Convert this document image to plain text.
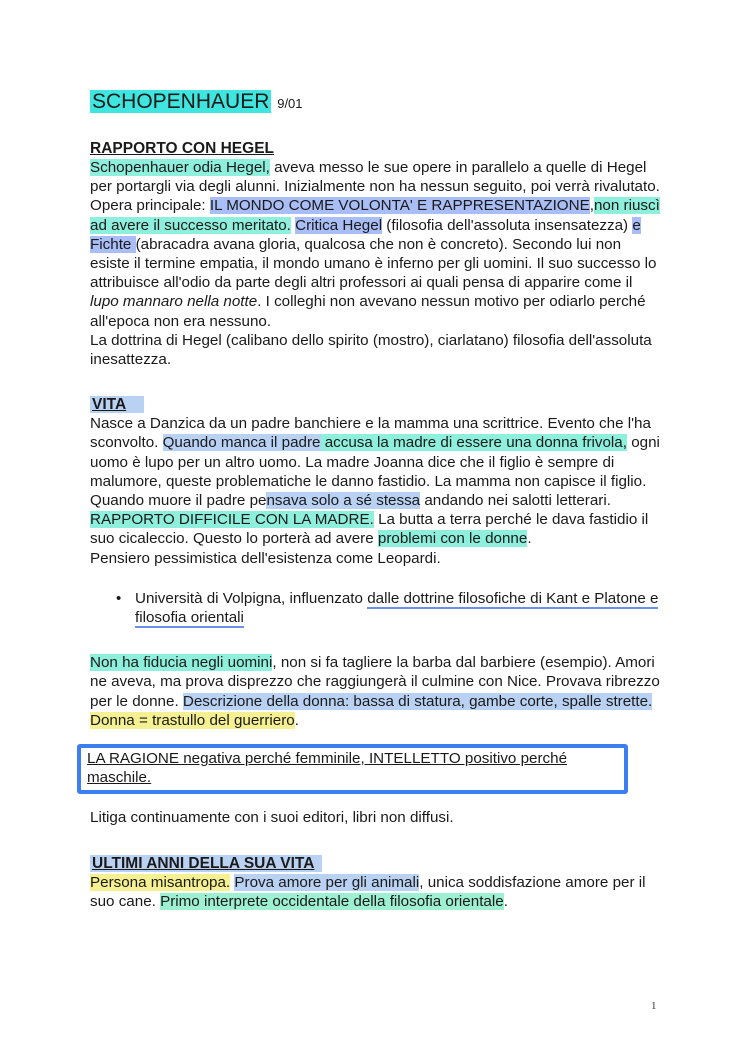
SCHOPENHAUER 9/01
RAPPORTO CON HEGEL

Schopenhauer odia Hegel, aveva messo le sue opere in parallelo a quelle di Hegel per portargli via degli alunni. Inizialmente non ha nessun seguito, poi verrà rivalutato.

Opera principale: IL MONDO COME VOLONTA' E RAPPRESENTAZIONE,non riuscì ad avere il successo meritato. Critica Hegel (filosofia dell'assoluta insensatezza) e Fichte (abracadra avana gloria, qualcosa che non è concreto). Secondo lui non esiste il termine empatia, il mondo umano è inferno per gli uomini. Il suo successo lo attribuisce all'odio da parte degli altri professori ai quali pensa di apparire come il lupo mannaro nella notte. I colleghi non avevano nessun motivo per odiarlo perché all'epoca non era nessuno.

La dottrina di Hegel (calibano dello spirito (mostro), ciarlatano) filosofia dell'assoluta inesattezza.

VITA

Nasce a Danzica da un padre banchiere e la mamma una scrittrice. Evento che l'ha sconvolto. Quando manca il padre accusa la madre di essere una donna frivola, ogni uomo è lupo per un altro uomo. La madre Joanna dice che il figlio è sempre di malumore, queste problematiche le danno fastidio. La mamma non capisce il figlio.

Quando muore il padre pensava solo a sé stessa andando nei salotti letterari.
RAPPORTO DIFFICILE CON LA MADRE. La butta a terra perché le dava fastidio il suo cicaleccio. Questo lo porterà ad avere problemi con le donne.

Pensiero pessimistica dell'esistenza come Leopardi.

• Università di Volpigna, influenzato dalle dottrine filosofiche di Kant e Platone e filosofia orientali

Non ha fiducia negli uomini, non si fa tagliere la barba dal barbiere (esempio). Amori ne aveva, ma prova disprezzo che raggiungerà il culmine con Nice. Provava ribrezzo per le donne. Descrizione della donna: bassa di statura, gambe corte, spalle strette. Donna = trastullo del guerriero.

LA RAGIONE negativa perché femminile, INTELLETTO positivo perché maschile.

Litiga continuamente con i suoi editori, libri non diffusi.

ULTIMI ANNI DELLA SUA VITA

Persona misantropa. Prova amore per gli animali, unica soddisfazione amore per il suo cane. Primo interprete occidentale della filosofia orientale.

1
